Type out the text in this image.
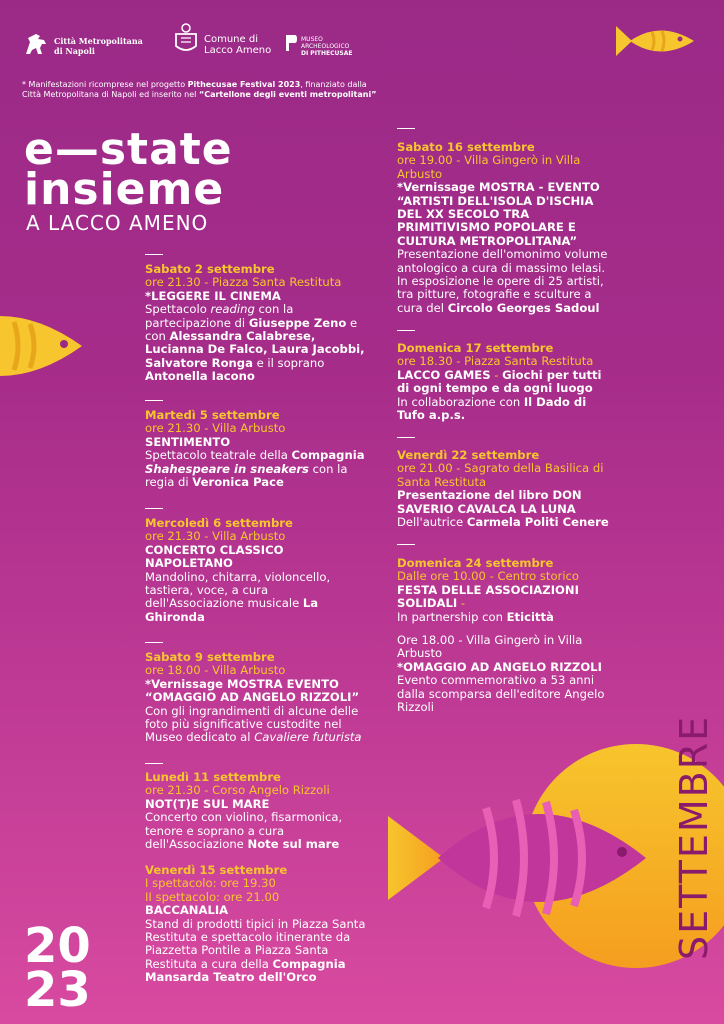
Città Metropolitana di Napoli
Comune di Lacco Ameno
MUSEO
ARCHEOLOGICO
DI PITHECUSAE
* Manifestazioni ricomprese nel progetto Pithecusae Festival 2023, finanziato dalla Città Metropolitana di Napoli ed inserito nel “Cartellone degli eventi metropolitani”
e—state
insieme
A LACCO AMENO
Sabato 2 settembre
ore 21.30 - Piazza Santa Restituta
*LEGGERE IL CINEMA
Spettacolo reading con la partecipazione di Giuseppe Zeno e con Alessandra Calabrese, Lucianna De Falco, Laura Jacobbi, Salvatore Ronga e il soprano Antonella Iacono
Martedì 5 settembre
ore 21.30 - Villa Arbusto
SENTIMENTO
Spettacolo teatrale della Compagnia Shahespeare in sneakers con la regia di Veronica Pace
Mercoledì 6 settembre
ore 21.30 - Villa Arbusto
CONCERTO CLASSICO NAPOLETANO
Mandolino, chitarra, violoncello, tastiera, voce, a cura dell'Associazione musicale La Ghironda
Sabato 9 settembre
ore 18.00 - Villa Arbusto
*Vernissage MOSTRA EVENTO “OMAGGIO AD ANGELO RIZZOLI”
Con gli ingrandimenti di alcune delle foto più significative custodite nel Museo dedicato al Cavaliere futurista
Lunedì 11 settembre
ore 21.30 - Corso Angelo Rizzoli
NOT(T)E SUL MARE
Concerto con violino, fisarmonica, tenore e soprano a cura dell'Associazione Note sul mare
Venerdì 15 settembre
I spettacolo: ore 19.30
II spettacolo: ore 21.00
BACCANALIA
Stand di prodotti tipici in Piazza Santa Restituta e spettacolo itinerante da Piazzetta Pontile a Piazza Santa Restituta a cura della Compagnia Mansarda Teatro dell'Orco
Sabato 16 settembre
ore 19.00 - Villa Gingerò in Villa Arbusto
*Vernissage MOSTRA - EVENTO “ARTISTI DELL'ISOLA D'ISCHIA DEL XX SECOLO TRA PRIMITIVISMO POPOLARE E CULTURA METROPOLITANA”
Presentazione dell'omonimo volume antologico a cura di massimo Ielasi. In esposizione le opere di 25 artisti, tra pitture, fotografie e sculture a cura del Circolo Georges Sadoul
Domenica 17 settembre
ore 18.30 - Piazza Santa Restituta
LACCO GAMES - Giochi per tutti di ogni tempo e da ogni luogo
In collaborazione con Il Dado di Tufo a.p.s.
Venerdì 22 settembre
ore 21.00 - Sagrato della Basilica di Santa Restituta
Presentazione del libro DON SAVERIO CAVALCA LA LUNA
Dell'autrice Carmela Politi Cenere
Domenica 24 settembre
Dalle ore 10.00 - Centro storico
FESTA DELLE ASSOCIAZIONI SOLIDALI -
In partnership con Eticittà
Ore 18.00 - Villa Gingerò in Villa Arbusto
*OMAGGIO AD ANGELO RIZZOLI
Evento commemorativo a 53 anni dalla scomparsa dell'editore Angelo Rizzoli
SETTEMBRE
20
23
